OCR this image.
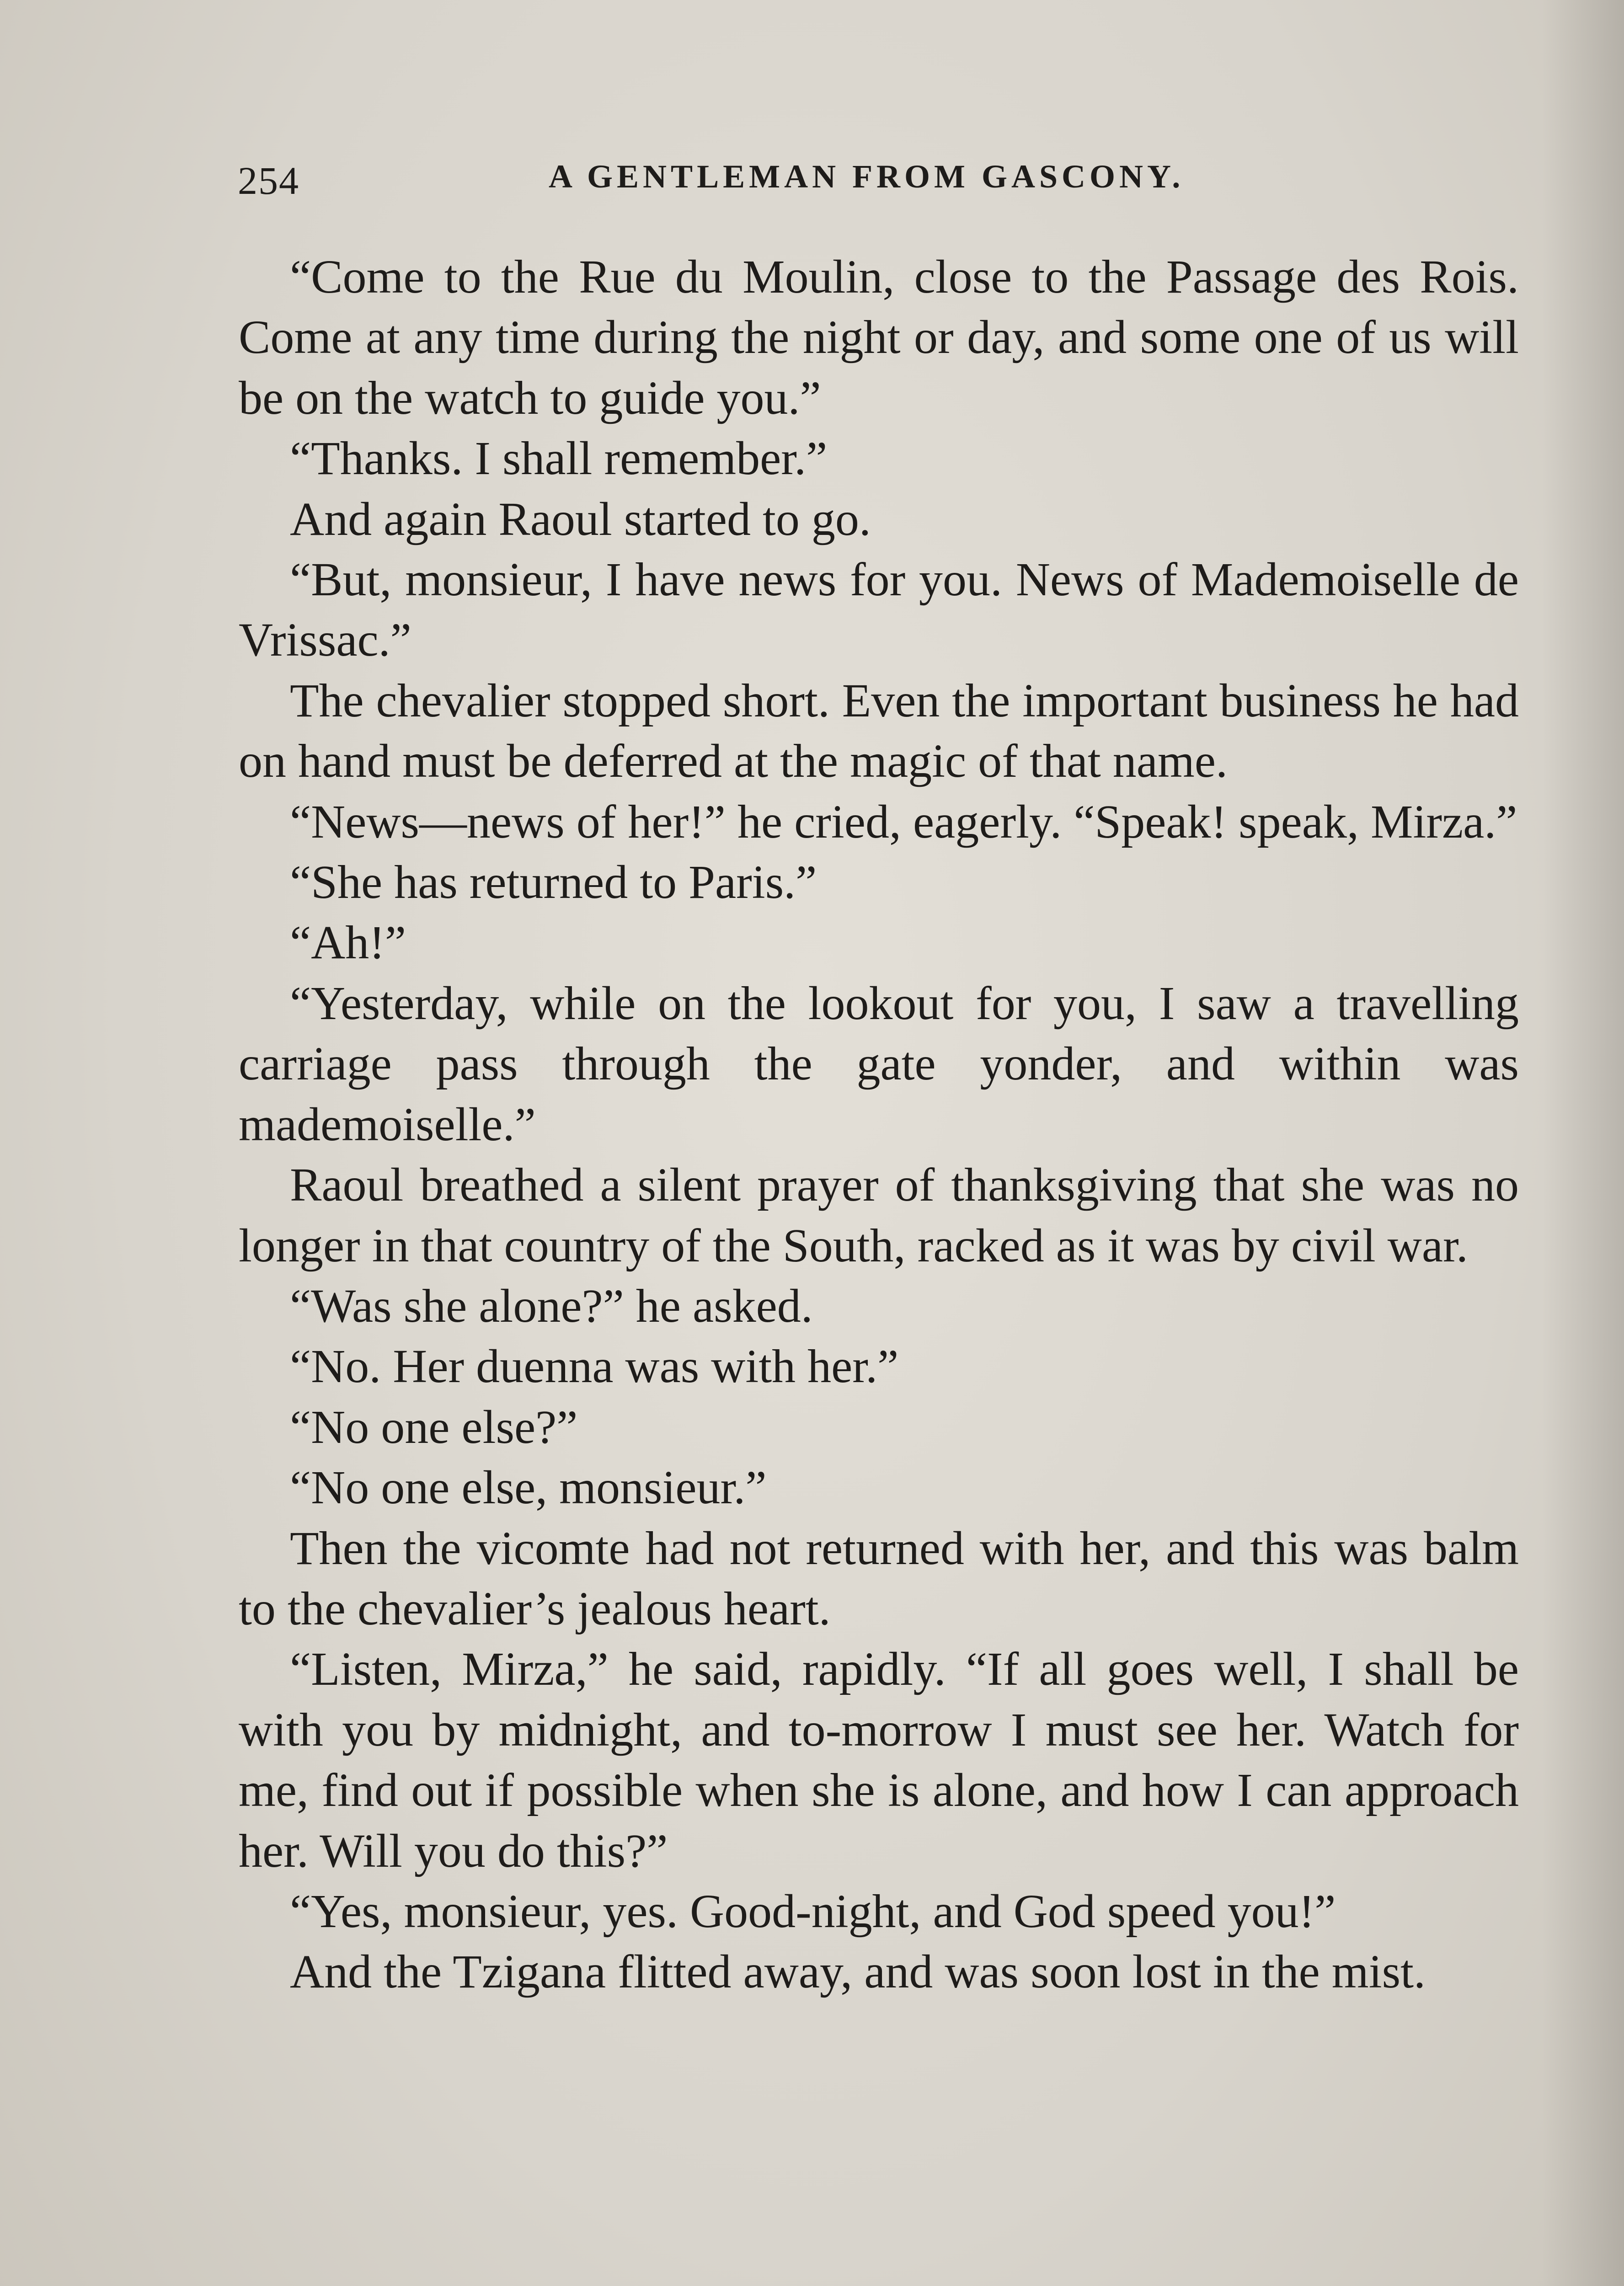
254	A GENTLEMAN FROM GASCONY.

“Come to the Rue du Moulin, close to the Passage des Rois. Come at any time during the night or day, and some one of us will be on the watch to guide you.”

“Thanks. I shall remember.”

And again Raoul started to go.

“But, monsieur, I have news for you. News of Mademoiselle de Vrissac.”

The chevalier stopped short. Even the important business he had on hand must be deferred at the magic of that name.

“News—news of her!” he cried, eagerly. “Speak! speak, Mirza.”

“She has returned to Paris.”

“Ah!”

“Yesterday, while on the lookout for you, I saw a travelling carriage pass through the gate yonder, and within was mademoiselle.”

Raoul breathed a silent prayer of thanksgiving that she was no longer in that country of the South, racked as it was by civil war.

“Was she alone?” he asked.

“No. Her duenna was with her.”

“No one else?”

“No one else, monsieur.”

Then the vicomte had not returned with her, and this was balm to the chevalier’s jealous heart.

“Listen, Mirza,” he said, rapidly. “If all goes well, I shall be with you by midnight, and to-morrow I must see her. Watch for me, find out if possible when she is alone, and how I can approach her. Will you do this?”

“Yes, monsieur, yes. Good-night, and God speed you!”

And the Tzigana flitted away, and was soon lost in the mist.
